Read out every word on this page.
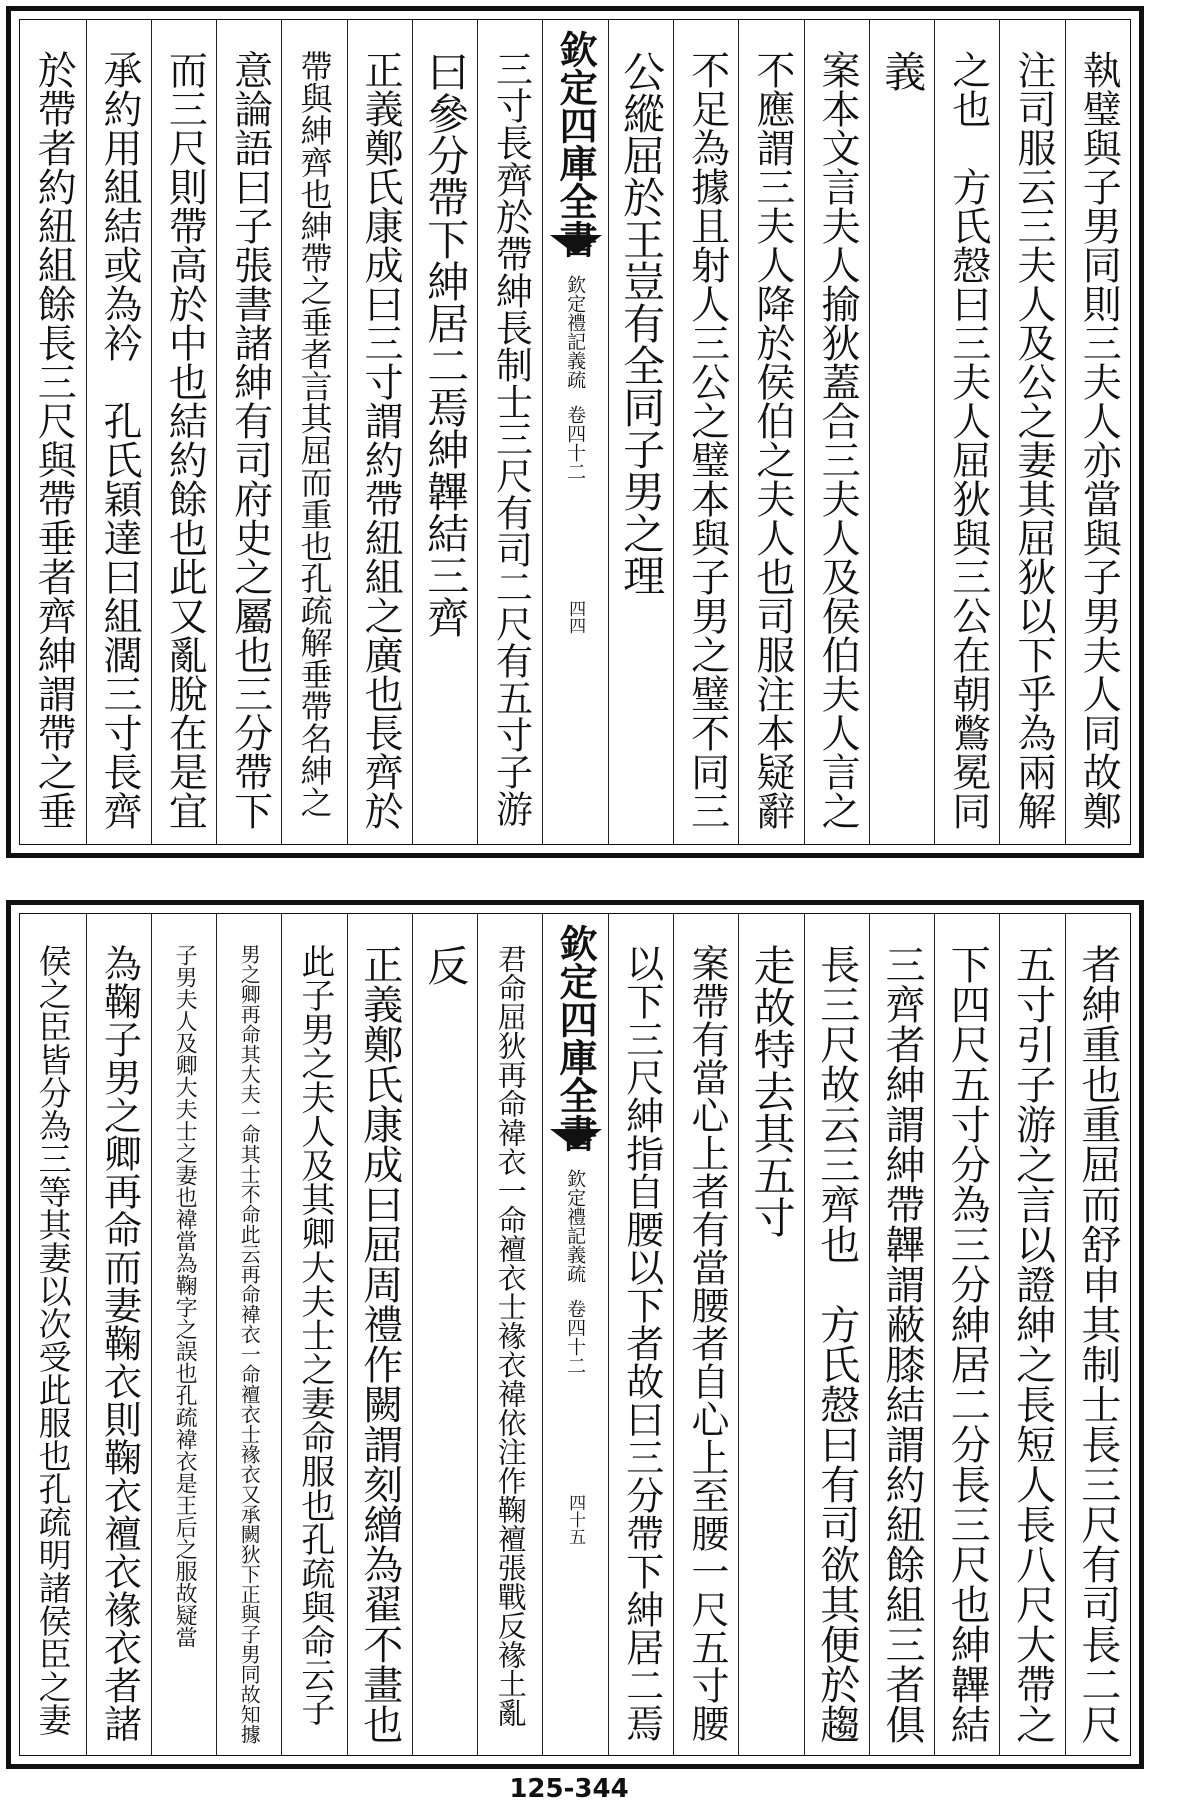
執璧與子男同則三夫人亦當與子男夫人同故鄭
注司服云三夫人及公之妻其屈狄以下乎為兩解
之也　方氏慤曰三夫人屈狄與三公在朝鷩冕同
義
案本文言夫人揄狄蓋合三夫人及侯伯夫人言之
不應謂三夫人降於侯伯之夫人也司服注本疑辭
不足為據且射人三公之璧本與子男之璧不同三
公縱屈於王豈有全同子男之理
欽定四庫全書
欽定禮記義疏
卷四十二
四四
三寸長齊於帶紳長制士三尺有司二尺有五寸子游
曰參分帶下紳居二焉紳韠結三齊
正義鄭氏康成曰三寸謂約帶紐組之廣也長齊於
帶與紳齊也紳帶之垂者言其屈而重也孔疏解垂帶名紳之
意論語曰子張書諸紳有司府史之屬也三分帶下
而三尺則帶高於中也結約餘也此又亂脫在是宜
承約用組結或為衿　孔氏穎達曰組濶三寸長齊
於帶者約紐組餘長三尺與帶垂者齊紳謂帶之垂
者紳重也重屈而舒申其制士長三尺有司長二尺
五寸引子游之言以證紳之長短人長八尺大帶之
下四尺五寸分為三分紳居二分長三尺也紳韠結
三齊者紳謂紳帶韠謂蔽膝結謂約紐餘組三者俱
長三尺故云三齊也　方氏慤曰有司欲其便於趨
走故特去其五寸
案帶有當心上者有當腰者自心上至腰一尺五寸腰
以下三尺紳指自腰以下者故曰三分帶下紳居二焉
欽定四庫全書
欽定禮記義疏
卷四十二
四十五
君命屈狄再命褘衣一命襢衣士褖衣褘依注作鞠襢張戰反褖土亂
反
正義鄭氏康成曰屈周禮作闕謂刻繒為翟不畫也
此子男之夫人及其卿大夫士之妻命服也孔疏與命云子
男之卿再命其大夫一命其士不命此云再命褘衣一命襢衣士褖衣又承闕狄下正與子男同故知據
子男夫人及卿大夫士之妻也褘當為鞠字之誤也孔疏褘衣是王后之服故疑當
為鞠子男之卿再命而妻鞠衣則鞠衣襢衣褖衣者諸
侯之臣皆分為三等其妻以次受此服也孔疏明諸侯臣之妻
125-344
